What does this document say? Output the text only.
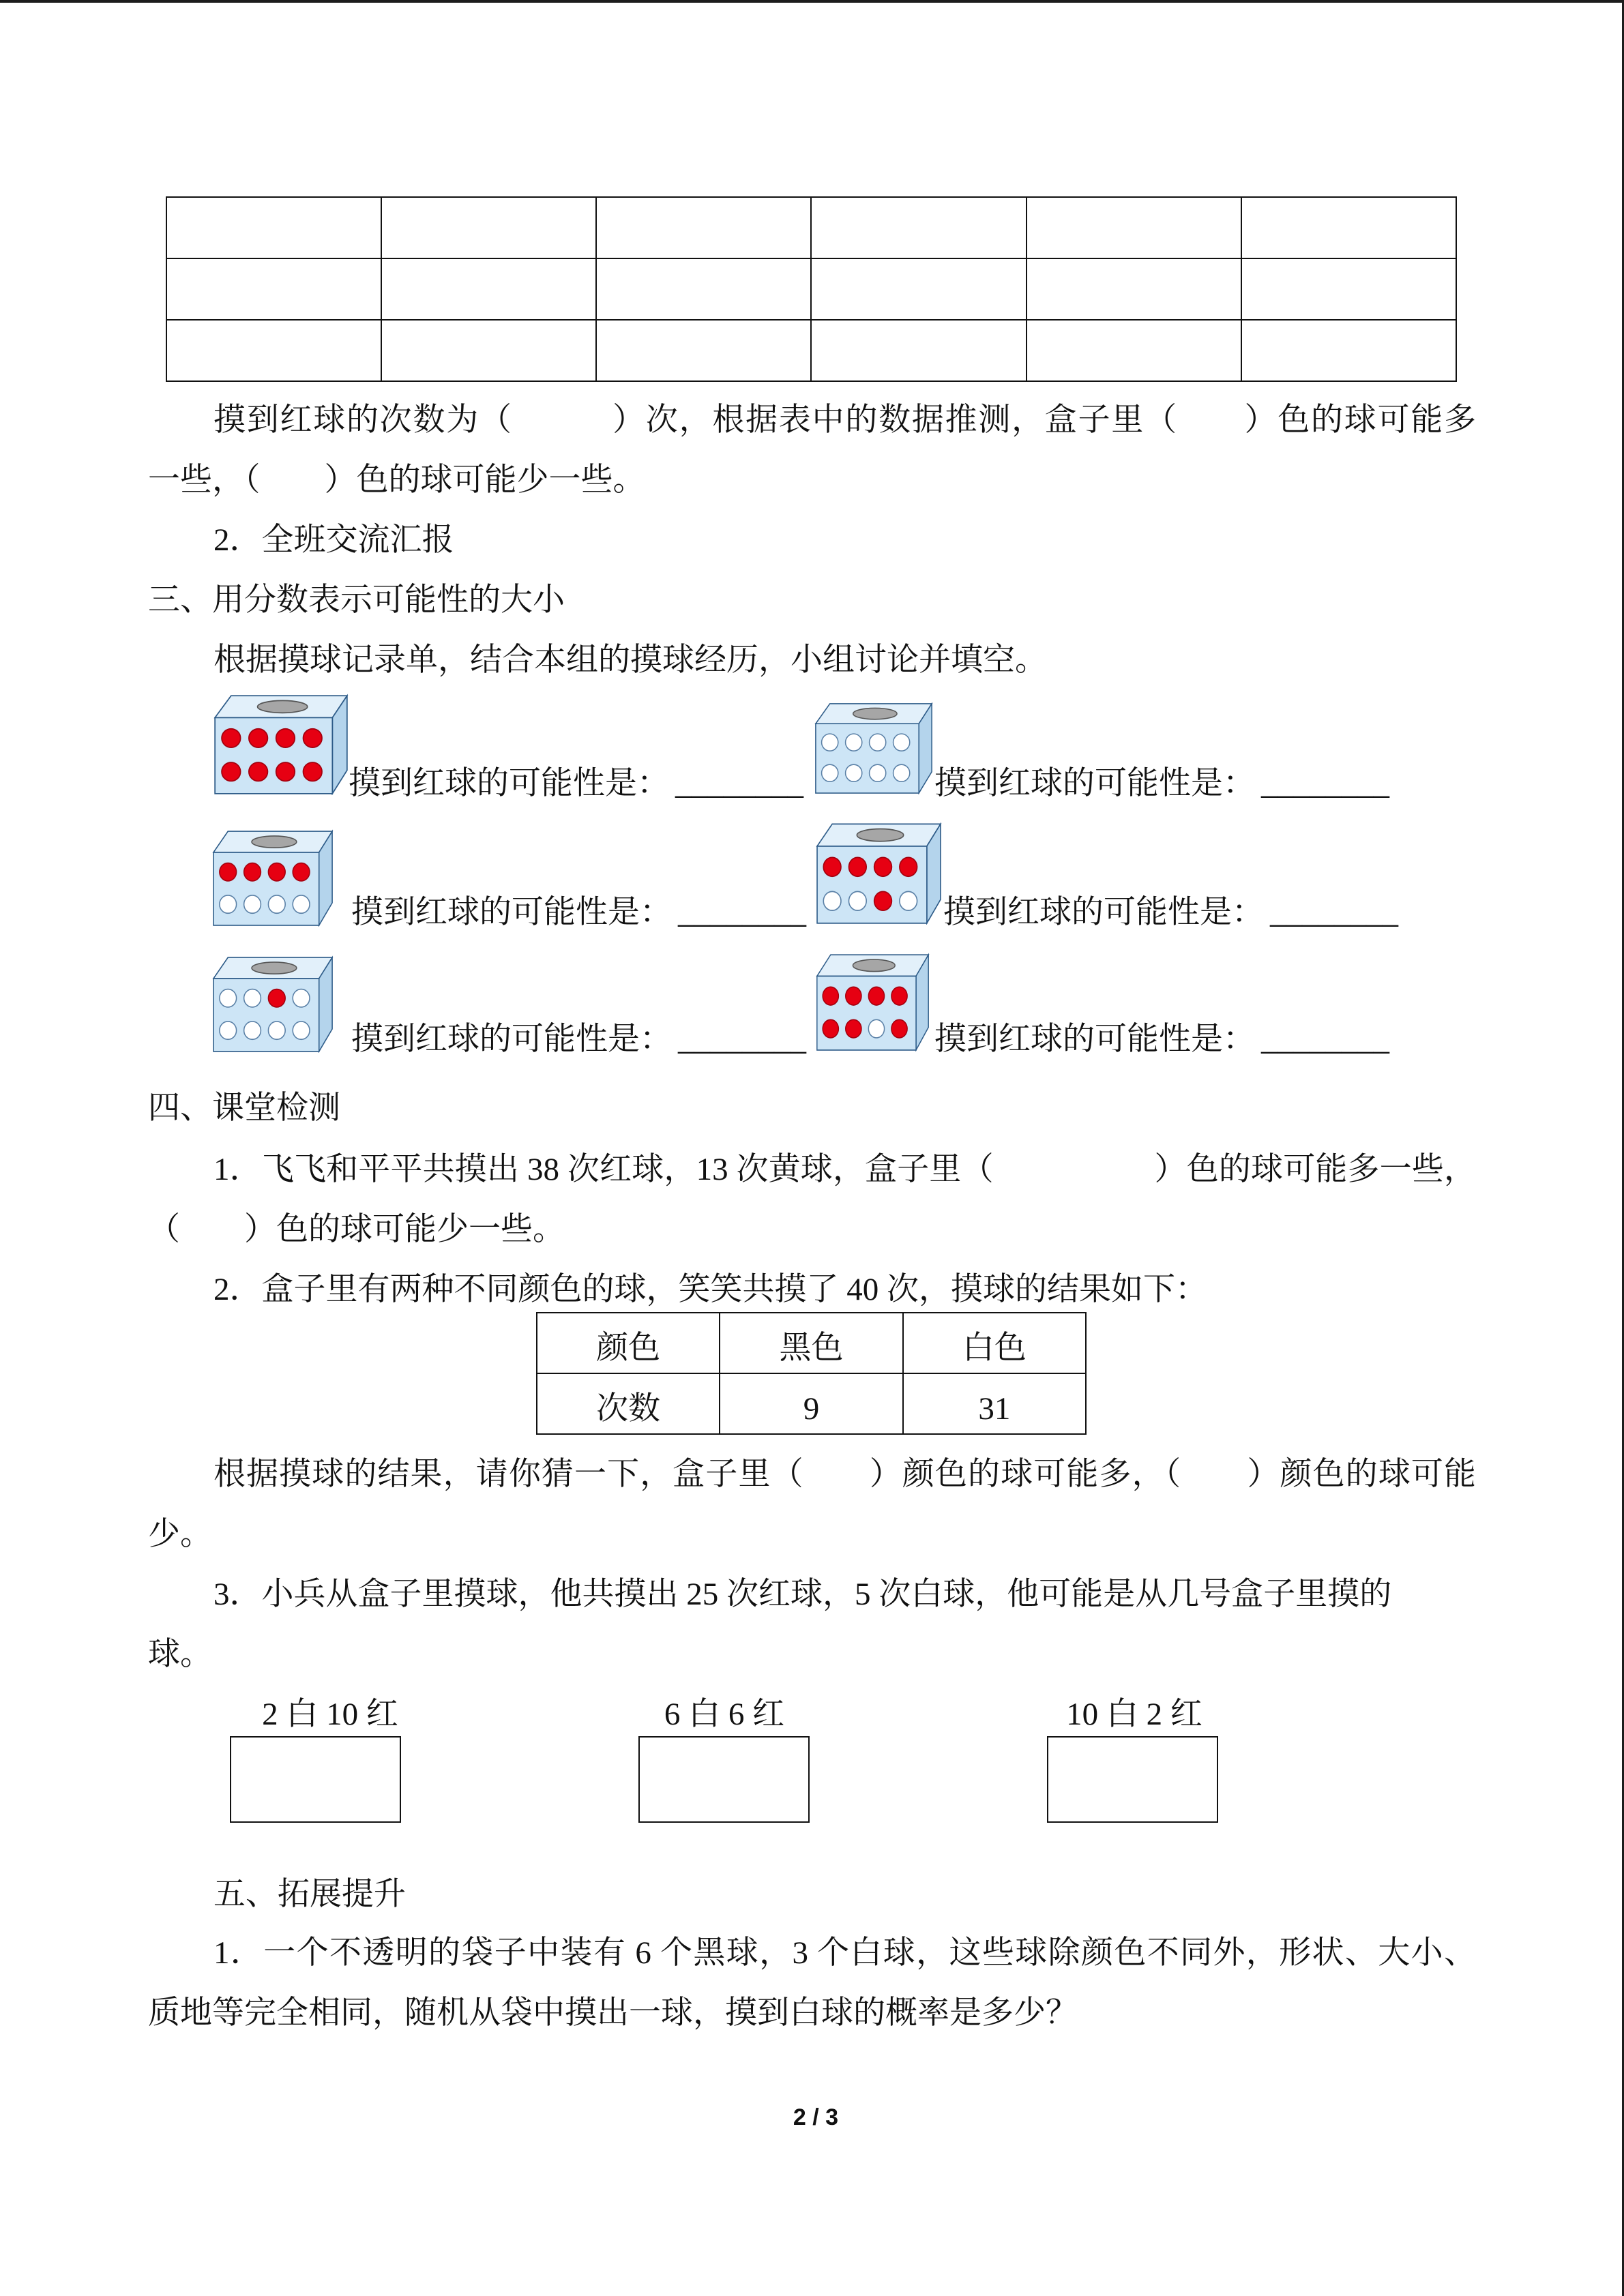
摸到红球的次数为（　　　）次，根据表中的数据推测，盒子里（　　）色的球可能多
一些，（　　）色的球可能少一些。
2．全班交流汇报
三、用分数表示可能性的大小
根据摸球记录单，结合本组的摸球经历，小组讨论并填空。
摸到红球的可能性是： ________	摸到红球的可能性是： ________
摸到红球的可能性是： ________	摸到红球的可能性是： ________
摸到红球的可能性是： ________	摸到红球的可能性是： ________
四、课堂检测
1．飞飞和平平共摸出 38 次红球，13 次黄球，盒子里（　　　　　）色的球可能多一些，
（　　）色的球可能少一些。
2．盒子里有两种不同颜色的球，笑笑共摸了 40 次，摸球的结果如下：
颜色	黑色	白色
次数	9	31
根据摸球的结果，请你猜一下，盒子里（　　）颜色的球可能多，（　　）颜色的球可能
少。
3．小兵从盒子里摸球，他共摸出 25 次红球，5 次白球，他可能是从几号盒子里摸的
球。
2 白 10 红	6 白 6 红	10 白 2 红
五、拓展提升
1．一个不透明的袋子中装有 6 个黑球，3 个白球，这些球除颜色不同外，形状、大小、
质地等完全相同，随机从袋中摸出一球，摸到白球的概率是多少？
2 / 3
